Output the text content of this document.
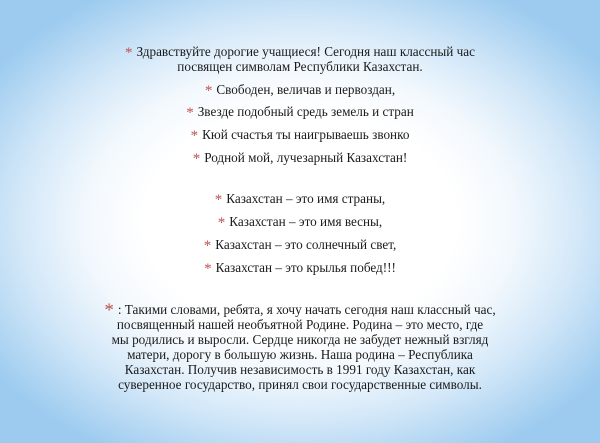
* Здравствуйте дорогие учащиеся! Сегодня наш классный час
посвящен символам Республики Казахстан.
* Свободен, величав и первоздан,
* Звезде подобный средь земель и стран
* Кюй счастья ты наигрываешь звонко
* Родной мой, лучезарный Казахстан!
* Казахстан – это имя страны,
* Казахстан – это имя весны,
* Казахстан – это солнечный свет,
* Казахстан – это крылья побед!!!

* : Такими словами, ребята, я хочу начать сегодня наш классный час,

посвященный нашей необъятной Родине. Родина – это место, где

мы родились и выросли. Сердце никогда не забудет нежный взгляд

матери, дорогу в большую жизнь. Наша родина – Республика

Казахстан. Получив независимость в 1991 году Казахстан, как

суверенное государство, принял свои государственные символы.
